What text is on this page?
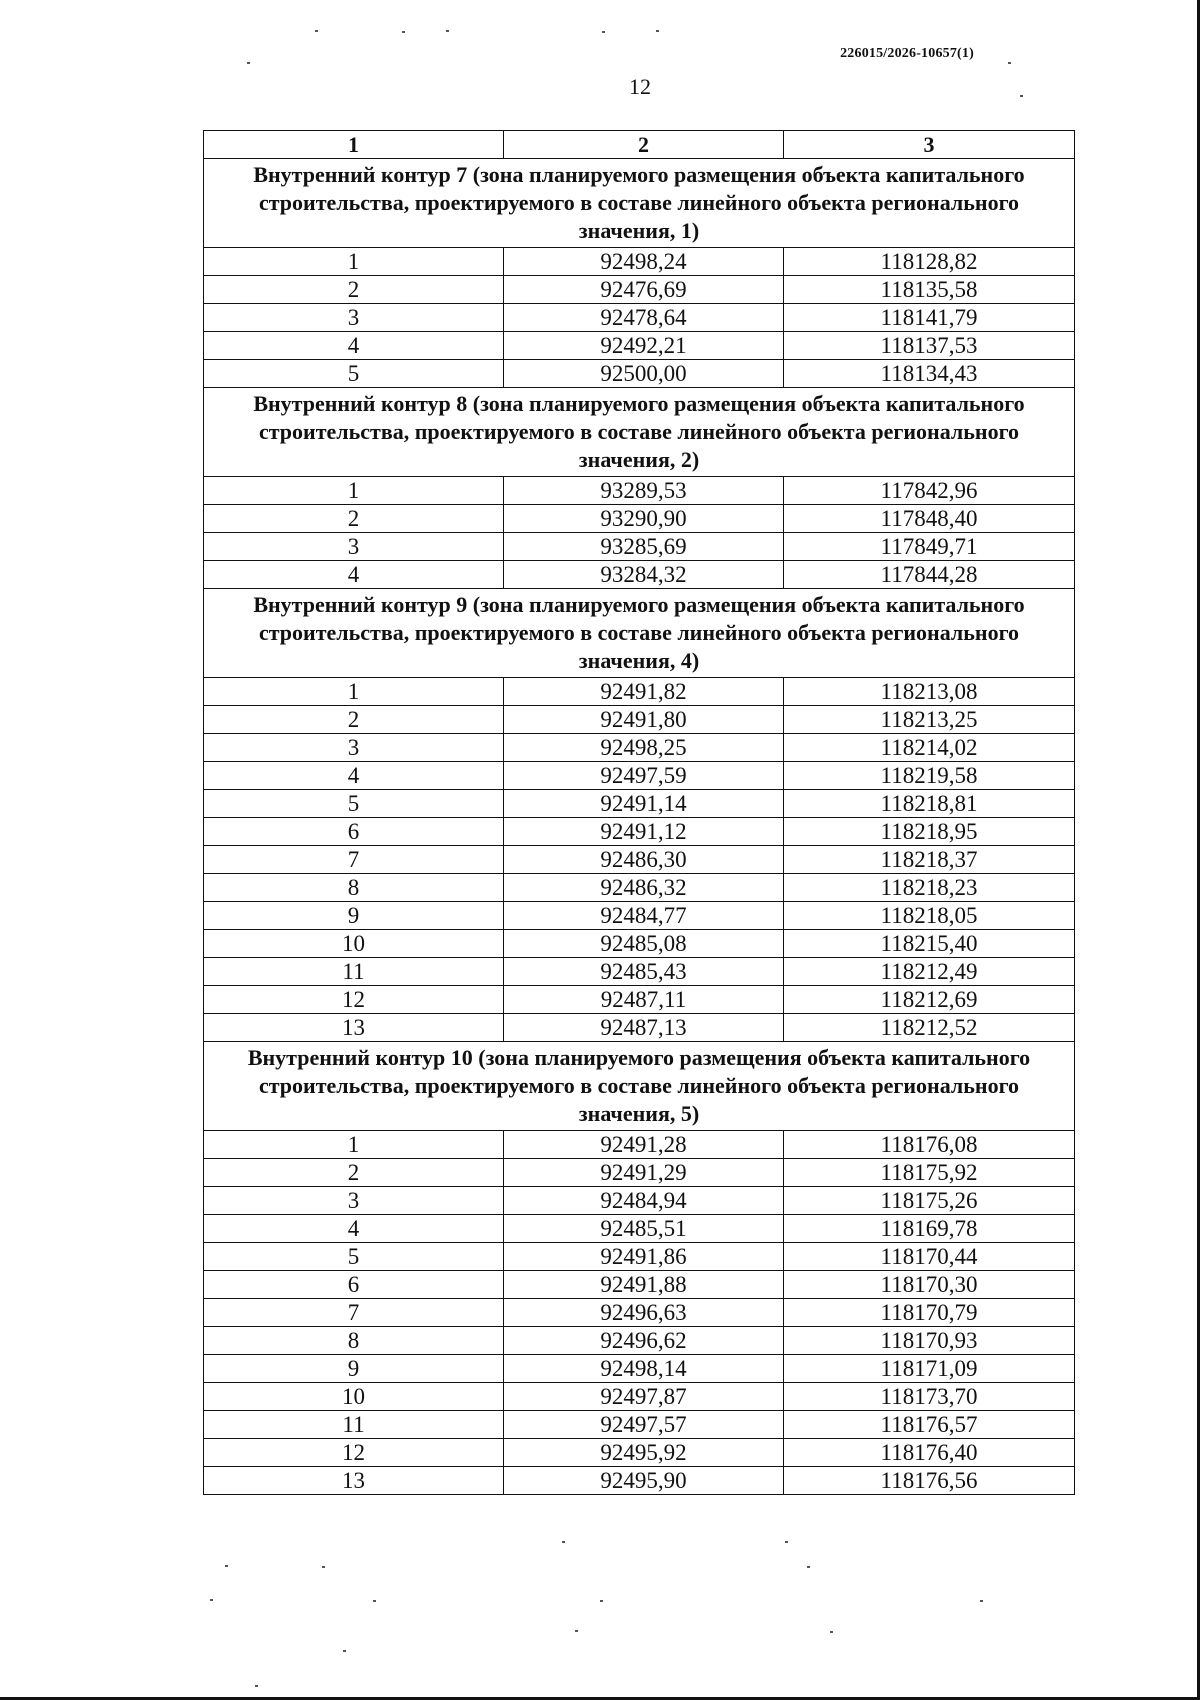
226015/2026-10657(1)
12
1	2	3
Внутренний контур 7 (зона планируемого размещения объекта капитального строительства, проектируемого в составе линейного объекта регионального значения, 1)		
1	92498,24	118128,82
2	92476,69	118135,58
3	92478,64	118141,79
4	92492,21	118137,53
5	92500,00	118134,43
Внутренний контур 8 (зона планируемого размещения объекта капитального строительства, проектируемого в составе линейного объекта регионального значения, 2)		
1	93289,53	117842,96
2	93290,90	117848,40
3	93285,69	117849,71
4	93284,32	117844,28
Внутренний контур 9 (зона планируемого размещения объекта капитального строительства, проектируемого в составе линейного объекта регионального значения, 4)		
1	92491,82	118213,08
2	92491,80	118213,25
3	92498,25	118214,02
4	92497,59	118219,58
5	92491,14	118218,81
6	92491,12	118218,95
7	92486,30	118218,37
8	92486,32	118218,23
9	92484,77	118218,05
10	92485,08	118215,40
11	92485,43	118212,49
12	92487,11	118212,69
13	92487,13	118212,52
Внутренний контур 10 (зона планируемого размещения объекта капитального строительства, проектируемого в составе линейного объекта регионального значения, 5)		
1	92491,28	118176,08
2	92491,29	118175,92
3	92484,94	118175,26
4	92485,51	118169,78
5	92491,86	118170,44
6	92491,88	118170,30
7	92496,63	118170,79
8	92496,62	118170,93
9	92498,14	118171,09
10	92497,87	118173,70
11	92497,57	118176,57
12	92495,92	118176,40
13	92495,90	118176,56
